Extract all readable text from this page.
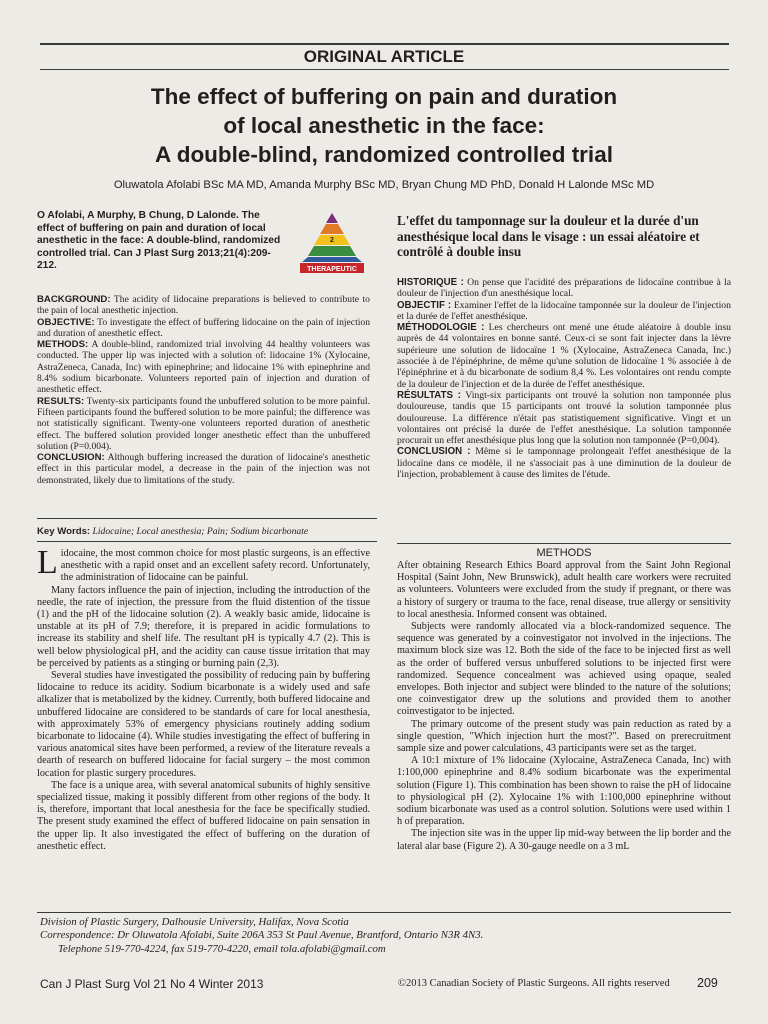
ORIGINAL ARTICLE
The effect of buffering on pain and duration
of local anesthetic in the face:
A double-blind, randomized controlled trial
Oluwatola Afolabi BSc MA MD, Amanda Murphy BSc MD, Bryan Chung MD PhD, Donald H Lalonde MSc MD
O Afolabi, A Murphy, B Chung, D Lalonde. The
effect of buffering on pain and duration of local
anesthetic in the face: A double-blind, randomized
controlled trial. Can J Plast Surg 2013;21(4):209-
212.
2
THERAPEUTIC

BACKGROUND: The acidity of lidocaine preparations is believed to contribute to the pain of local anesthetic injection.

OBJECTIVE: To investigate the effect of buffering lidocaine on the pain of injection and duration of anesthetic effect.

METHODS: A double-blind, randomized trial involving 44 healthy volunteers was conducted. The upper lip was injected with a solution of: lidocaine 1% (Xylocaine, AstraZeneca, Canada, Inc) with epinephrine; and lidocaine 1% with epinephrine and 8.4% sodium bicarbonate. Volunteers reported pain of injection and duration of anesthetic effect.

RESULTS: Twenty-six participants found the unbuffered solution to be more painful. Fifteen participants found the buffered solution to be more painful; the difference was not statistically significant. Twenty-one volunteers reported duration of anesthetic effect. The buffered solution provided longer anesthetic effect than the unbuffered solution (P=0.004).

CONCLUSION: Although buffering increased the duration of lidocaine's anesthetic effect in this particular model, a decrease in the pain of the injection was not demonstrated, likely due to limitations of the study.

L'effet du tamponnage sur la douleur et la durée d'un anesthésique local dans le visage : un essai aléatoire et contrôlé à double insu

HISTORIQUE : On pense que l'acidité des préparations de lidocaïne contribue à la douleur de l'injection d'un anesthésique local.

OBJECTIF : Examiner l'effet de la lidocaïne tamponnée sur la douleur de l'injection et la durée de l'effet anesthésique.

MÉTHODOLOGIE : Les chercheurs ont mené une étude aléatoire à double insu auprès de 44 volontaires en bonne santé. Ceux-ci se sont fait injecter dans la lèvre supérieure une solution de lidocaïne 1 % (Xylocaine, AstraZeneca Canada, Inc.) associée à de l'épinéphrine, de même qu'une solution de lidocaïne 1 % associée à de l'épinéphrine et à du bicarbonate de sodium 8,4 %. Les volontaires ont rendu compte de la douleur de l'injection et de la durée de l'effet anesthésique.

RÉSULTATS : Vingt-six participants ont trouvé la solution non tamponnée plus douloureuse, tandis que 15 participants ont trouvé la solution tamponnée plus douloureuse. La différence n'était pas statistiquement significative. Vingt et un volontaires ont précisé la durée de l'effet anesthésique. La solution tamponnée procurait un effet anesthésique plus long que la solution non tamponnée (P=0,004).

CONCLUSION : Même si le tamponnage prolongeait l'effet anesthésique de la lidocaïne dans ce modèle, il ne s'associait pas à une diminution de la douleur de l'injection, probablement à cause des limites de l'étude.

Key Words: Lidocaine; Local anesthesia; Pain; Sodium bicarbonate

Lidocaine, the most common choice for most plastic surgeons, is an effective anesthetic with a rapid onset and an excellent safety record. Unfortunately, the administration of lidocaine can be painful.

Many factors influence the pain of injection, including the introduction of the needle, the rate of injection, the pressure from the fluid distention of the tissue (1) and the pH of the lidocaine solution (2). A weakly basic amide, lidocaine is unstable at its pH of 7.9; therefore, it is prepared in acidic formulations to increase its stability and shelf life. The resultant pH is typically 4.7 (2). This is well below physiological pH, and the acidity can cause tissue irritation that may be perceived by patients as a stinging or burning pain (2,3).

Several studies have investigated the possibility of reducing pain by buffering lidocaine to reduce its acidity. Sodium bicarbonate is a widely used and safe alkalizer that is metabolized by the kidney. Currently, both buffered lidocaine and unbuffered lidocaine are considered to be standards of care for local anesthesia, with approximately 53% of emergency physicians routinely adding sodium bicarbonate to lidocaine (4). While studies investigating the effect of buffering in various anatomical sites have been performed, a review of the literature reveals a dearth of research on buffered lidocaine for facial surgery – the most common location for plastic surgery procedures.

The face is a unique area, with several anatomical subunits of highly sensitive specialized tissue, making it possibly different from other regions of the body. It is, therefore, important that local anesthesia for the face be specifically studied. The present study examined the effect of buffered lidocaine on pain sensation in the upper lip. It also investigated the effect of buffering on the duration of anesthetic effect.

METHODS

After obtaining Research Ethics Board approval from the Saint John Regional Hospital (Saint John, New Brunswick), adult health care workers were recruited as volunteers. Volunteers were excluded from the study if pregnant, or there was a history of surgery or trauma to the face, renal disease, true allergy or sensitivity to local anesthesia. Informed consent was obtained.

Subjects were randomly allocated via a block-randomized sequence. The sequence was generated by a coinvestigator not involved in the injections. The maximum block size was 12. Both the side of the face to be injected first as well as the order of buffered versus unbuffered solutions to be injected first were randomized. Sequence concealment was achieved using opaque, sealed envelopes. Both injector and subject were blinded to the nature of the solutions; one coinvestigator drew up the solutions and provided them to another coinvestigator to be injected.

The primary outcome of the present study was pain reduction as rated by a single question, "Which injection hurt the most?". Based on prerecruitment sample size and power calculations, 43 participants were set as the target.

A 10:1 mixture of 1% lidocaine (Xylocaine, AstraZeneca Canada, Inc) with 1:100,000 epinephrine and 8.4% sodium bicarbonate was the experimental solution (Figure 1). This combination has been shown to raise the pH of lidocaine to physiological pH (2). Xylocaine 1% with 1:100,000 epinephrine without sodium bicarbonate was used as a control solution. Solutions were used within 1 h of preparation.

The injection site was in the upper lip mid-way between the lip border and the lateral alar base (Figure 2). A 30-gauge needle on a 3 mL

Division of Plastic Surgery, Dalhousie University, Halifax, Nova Scotia
Correspondence: Dr Oluwatola Afolabi, Suite 206A 353 St Paul Avenue, Brantford, Ontario N3R 4N3.
Telephone 519-770-4224, fax 519-770-4220, email tola.afolabi@gmail.com
Can J Plast Surg Vol 21 No 4 Winter 2013	©2013 Canadian Society of Plastic Surgeons. All rights reserved 209
